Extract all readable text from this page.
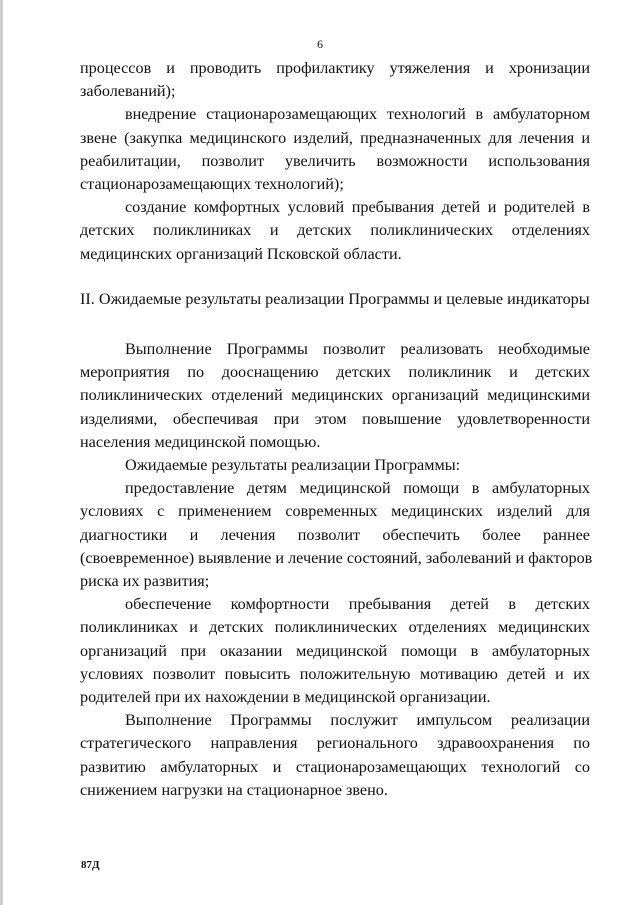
6
процессов и проводить профилактику утяжеления и хронизации
заболеваний);
внедрение стационарозамещающих технологий в амбулаторном
звене (закупка медицинского изделий, предназначенных для лечения и
реабилитации, позволит увеличить возможности использования
стационарозамещающих технологий);
создание комфортных условий пребывания детей и родителей в
детских поликлиниках и детских поликлинических отделениях
медицинских организаций Псковской области.
II. Ожидаемые результаты реализации Программы и целевые индикаторы
Выполнение Программы позволит реализовать необходимые
мероприятия по дооснащению детских поликлиник и детских
поликлинических отделений медицинских организаций медицинскими
изделиями, обеспечивая при этом повышение удовлетворенности
населения медицинской помощью.
Ожидаемые результаты реализации Программы:
предоставление детям медицинской помощи в амбулаторных
условиях с применением современных медицинских изделий для
диагностики и лечения позволит обеспечить более раннее
(своевременное) выявление и лечение состояний, заболеваний и факторов
риска их развития;
обеспечение комфортности пребывания детей в детских
поликлиниках и детских поликлинических отделениях медицинских
организаций при оказании медицинской помощи в амбулаторных
условиях позволит повысить положительную мотивацию детей и их
родителей при их нахождении в медицинской организации.
Выполнение Программы послужит импульсом реализации
стратегического направления регионального здравоохранения по
развитию амбулаторных и стационарозамещающих технологий со
снижением нагрузки на стационарное звено.
87Д
